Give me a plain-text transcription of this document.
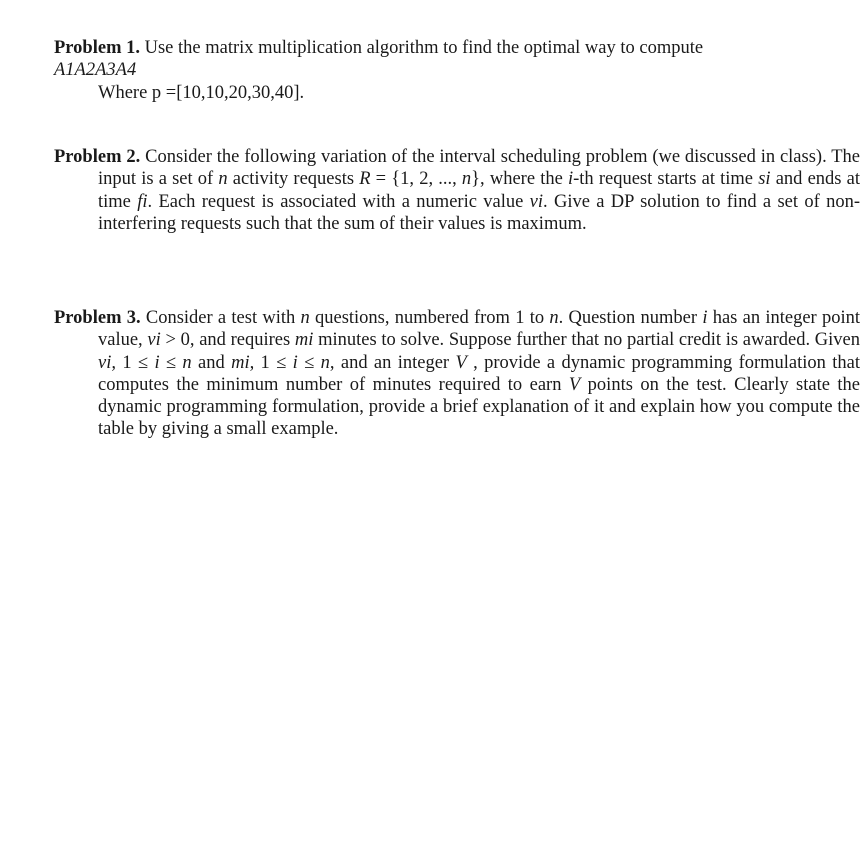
Problem 1. Use the matrix multiplication algorithm to find the optimal way to compute
A1A2A3A4
Where p =[10,10,20,30,40].
Problem 2. Consider the following variation of the interval scheduling problem (we discussed in class). The input is a set of n activity requests R = {1, 2, ..., n}, where the i-th request starts at time si and ends at time fi. Each request is associated with a numeric value vi. Give a DP solution to find a set of non-interfering requests such that the sum of their values is maximum.
Problem 3. Consider a test with n questions, numbered from 1 to n. Question number i has an integer point value, vi > 0, and requires mi minutes to solve. Suppose further that no partial credit is awarded. Given vi, 1 ≤ i ≤ n and mi, 1 ≤ i ≤ n, and an integer V , provide a dynamic programming formulation that computes the minimum number of minutes required to earn V points on the test. Clearly state the dynamic programming formulation, provide a brief explanation of it and explain how you compute the table by giving a small example.
